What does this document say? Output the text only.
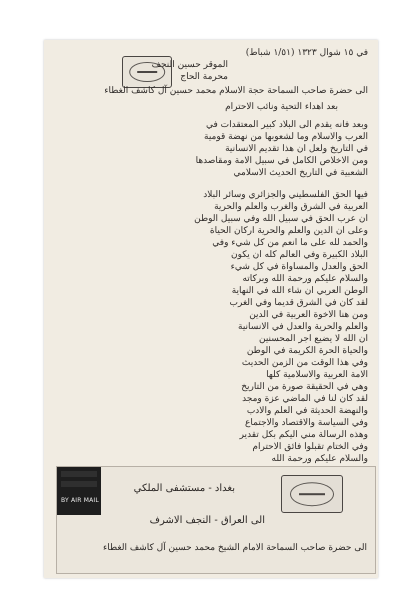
في ١٥ شوال ١٣٢٣ (١/٥١ شباط)
الموقر حسين النجف
محرمة الحاج
الى حضرة صاحب السماحة حجة الاسلام محمد حسين آل كاشف الغطاء
بعد اهداء التحية ونائب الاحترام
وبعد فانه يقدم الى البلاد كبير المعتقدات في
العرب والاسلام وما لشعوبها من نهضة قومية
في التاريخ ولعل ان هذا تقديم الانسانية
ومن الاخلاص الكامل في سبيل الامة ومقاصدها
الشعبية في التاريخ الحديث الاسلامي
فيها الحق الفلسطيني والجزائري وسائر البلاد
العربية في الشرق والغرب والعلم والحرية
ان عرب الحق في سبيل الله وفي سبيل الوطن
وعلى ان الدين والعلم والحرية اركان الحياة
والحمد لله على ما انعم من كل شيء وفي
البلاد الكبيرة وفي العالم كله ان يكون
الحق والعدل والمساواة في كل شيء
والسلام عليكم ورحمة الله وبركاته
الوطن العربي ان شاء الله في النهاية
لقد كان في الشرق قديما وفي الغرب
ومن هنا الاخوة العربية في الدين
والعلم والحرية والعدل في الانسانية
ان الله لا يضيع اجر المحسنين
والحياة الحرة الكريمة في الوطن
وفي هذا الوقت من الزمن الحديث
الامة العربية والاسلامية كلها
وهي في الحقيقة صورة من التاريخ
لقد كان لنا في الماضي عزة ومجد
والنهضة الحديثة في العلم والادب
وفي السياسة والاقتصاد والاجتماع
وهذه الرسالة مني اليكم بكل تقدير
وفي الختام تقبلوا فائق الاحترام
والسلام عليكم ورحمة الله
BY AIR MAIL
بغداد - مستشفى الملكي
الى العراق - النجف الاشرف
الى حضرة صاحب السماحة الامام الشيخ محمد حسين آل كاشف الغطاء
